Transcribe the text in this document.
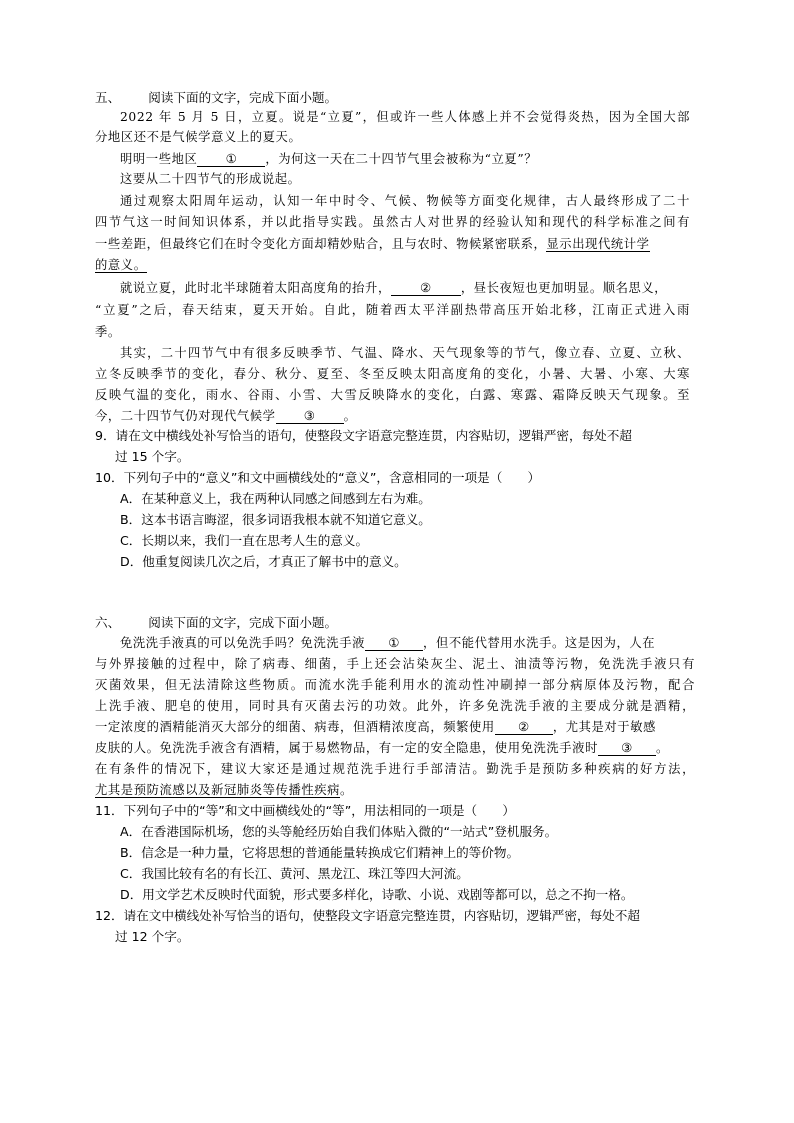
五、 阅读下面的文字，完成下面小题。
2022 年 5 月 5 日，立夏。说是“立夏”，但或许一些人体感上并不会觉得炎热，因为全国大部
分地区还不是气候学意义上的夏天。
明明一些地区 ① ，为何这一天在二十四节气里会被称为“立夏”？
这要从二十四节气的形成说起。
通过观察太阳周年运动，认知一年中时令、气候、物候等方面变化规律，古人最终形成了二十
四节气这一时间知识体系，并以此指导实践。虽然古人对世界的经验认知和现代的科学标准之间有
一些差距，但最终它们在时令变化方面却精妙贴合，且与农时、物候紧密联系，显示出现代统计学
的意义。
就说立夏，此时北半球随着太阳高度角的抬升， ② ，昼长夜短也更加明显。顺名思义，
“立夏”之后，春天结束，夏天开始。自此，随着西太平洋副热带高压开始北移，江南正式进入雨
季。
其实，二十四节气中有很多反映季节、气温、降水、天气现象等的节气，像立春、立夏、立秋、
立冬反映季节的变化，春分、秋分、夏至、冬至反映太阳高度角的变化，小暑、大暑、小寒、大寒
反映气温的变化，雨水、谷雨、小雪、大雪反映降水的变化，白露、寒露、霜降反映天气现象。至
今，二十四节气仍对现代气候学 ③ 。
9．请在文中横线处补写恰当的语句，使整段文字语意完整连贯，内容贴切，逻辑严密，每处不超
过 15 个字。
10．下列句子中的“意义”和文中画横线处的“意义”，含意相同的一项是（　　）
A．在某种意义上，我在两种认同感之间感到左右为难。
B．这本书语言晦涩，很多词语我根本就不知道它意义。
C．长期以来，我们一直在思考人生的意义。
D．他重复阅读几次之后，才真正了解书中的意义。
六、 阅读下面的文字，完成下面小题。
免洗洗手液真的可以免洗手吗？免洗洗手液 ① ，但不能代替用水洗手。这是因为，人在
与外界接触的过程中，除了病毒、细菌，手上还会沾染灰尘、泥土、油渍等污物，免洗洗手液只有
灭菌效果，但无法清除这些物质。而流水洗手能利用水的流动性冲刷掉一部分病原体及污物，配合
上洗手液、肥皂的使用，同时具有灭菌去污的功效。此外，许多免洗洗手液的主要成分就是酒精，
一定浓度的酒精能消灭大部分的细菌、病毒，但酒精浓度高，频繁使用 ② ，尤其是对于敏感
皮肤的人。免洗洗手液含有酒精，属于易燃物品，有一定的安全隐患，使用免洗洗手液时 ③ 。
在有条件的情况下，建议大家还是通过规范洗手进行手部清洁。勤洗手是预防多种疾病的好方法，
尤其是预防流感以及新冠肺炎等传播性疾病。
11．下列句子中的“等”和文中画横线处的“等”，用法相同的一项是（　　）
A．在香港国际机场，您的头等舱经历始自我们体贴入微的“一站式”登机服务。
B．信念是一种力量，它将思想的普通能量转换成它们精神上的等价物。
C．我国比较有名的有长江、黄河、黑龙江、珠江等四大河流。
D．用文学艺术反映时代面貌，形式要多样化，诗歌、小说、戏剧等都可以，总之不拘一格。
12．请在文中横线处补写恰当的语句，使整段文字语意完整连贯，内容贴切，逻辑严密，每处不超
过 12 个字。
